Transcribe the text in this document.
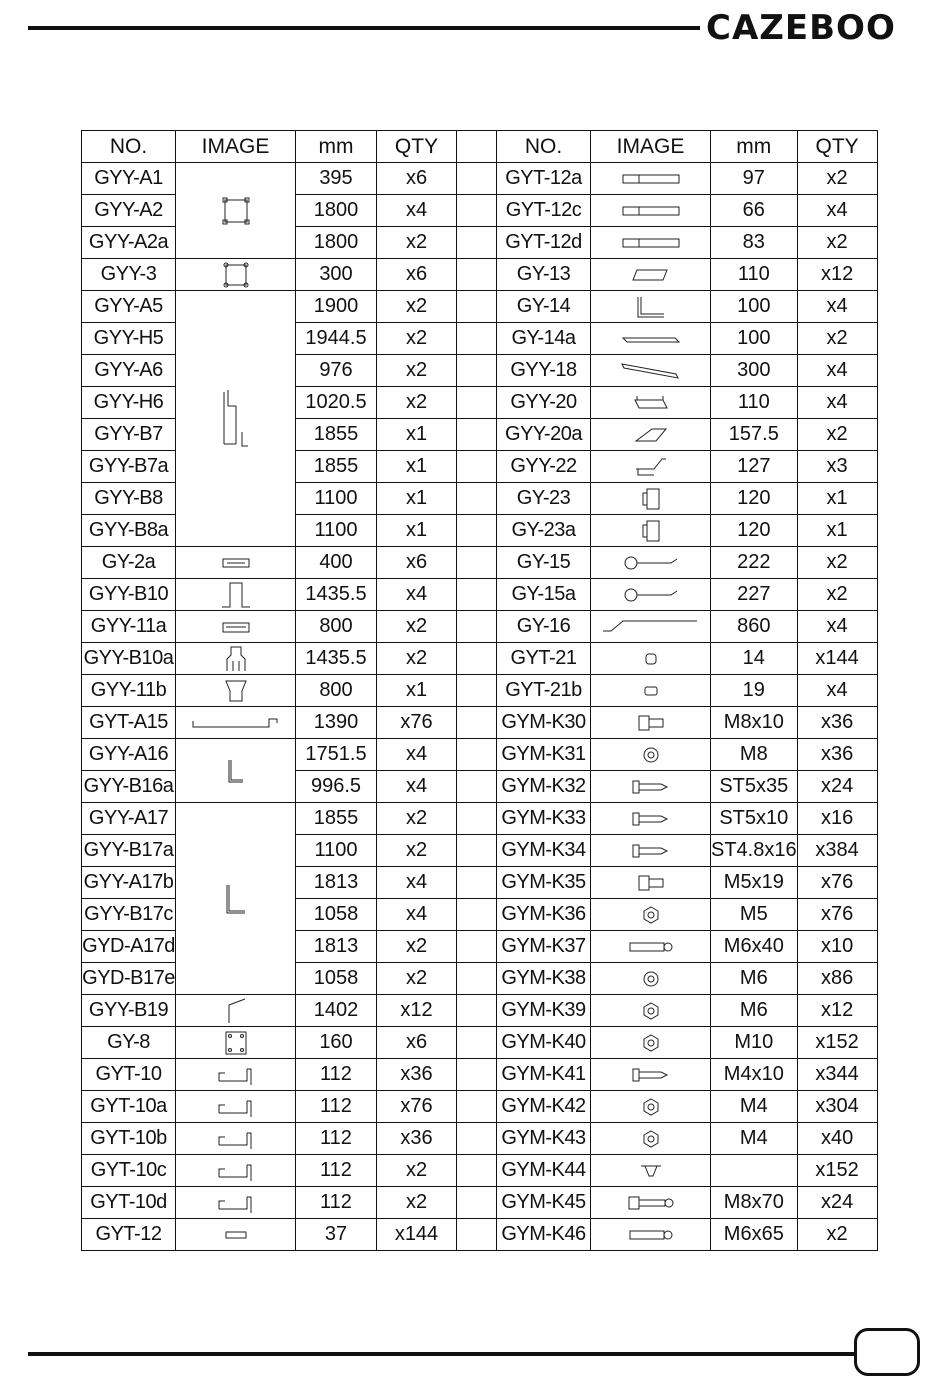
CAZEBOO
NO.	IMAGE	mm	QTY		NO.	IMAGE	mm	QTY
GYY-A1		395	x6		GYT-12a		97	x2
GYY-A2		1800	x4		GYT-12c		66	x4
GYY-A2a		1800	x2		GYT-12d		83	x2
GYY-3		300	x6		GY-13		110	x12
GYY-A5		1900	x2		GY-14		100	x4
GYY-H5		1944.5	x2		GY-14a		100	x2
GYY-A6		976	x2		GYY-18		300	x4
GYY-H6		1020.5	x2		GYY-20		110	x4
GYY-B7		1855	x1		GYY-20a		157.5	x2
GYY-B7a		1855	x1		GYY-22		127	x3
GYY-B8		1100	x1		GY-23		120	x1
GYY-B8a		1100	x1		GY-23a		120	x1
GY-2a		400	x6		GY-15		222	x2
GYY-B10		1435.5	x4		GY-15a		227	x2
GYY-11a		800	x2		GY-16		860	x4
GYY-B10a		1435.5	x2		GYT-21		14	x144
GYY-11b		800	x1		GYT-21b		19	x4
GYT-A15		1390	x76		GYM-K30		M8x10	x36
GYY-A16		1751.5	x4		GYM-K31		M8	x36
GYY-B16a		996.5	x4		GYM-K32		ST5x35	x24
GYY-A17		1855	x2		GYM-K33		ST5x10	x16
GYY-B17a		1100	x2		GYM-K34		ST4.8x16	x384
GYY-A17b		1813	x4		GYM-K35		M5x19	x76
GYY-B17c		1058	x4		GYM-K36		M5	x76
GYD-A17d		1813	x2		GYM-K37		M6x40	x10
GYD-B17e		1058	x2		GYM-K38		M6	x86
GYY-B19		1402	x12		GYM-K39		M6	x12
GY-8		160	x6		GYM-K40		M10	x152
GYT-10		112	x36		GYM-K41		M4x10	x344
GYT-10a		112	x76		GYM-K42		M4	x304
GYT-10b		112	x36		GYM-K43		M4	x40
GYT-10c		112	x2		GYM-K44			x152
GYT-10d		112	x2		GYM-K45		M8x70	x24
GYT-12		37	x144		GYM-K46		M6x65	x2
